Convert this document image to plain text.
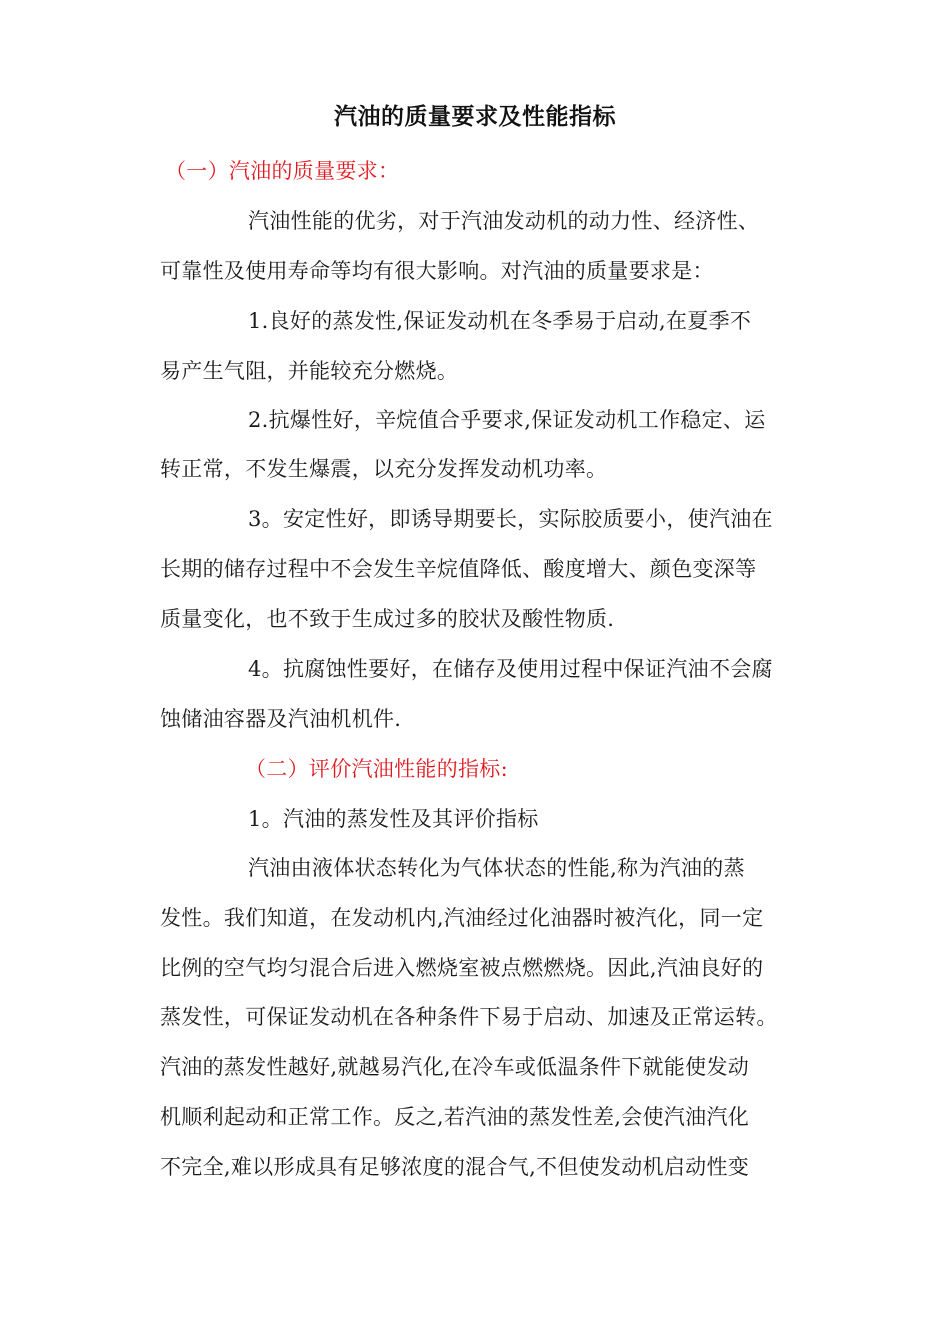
汽油的质量要求及性能指标
（一）汽油的质量要求：
汽油性能的优劣，对于汽油发动机的动力性、经济性、
可靠性及使用寿命等均有很大影响。对汽油的质量要求是：
1.良好的蒸发性,保证发动机在冬季易于启动,在夏季不
易产生气阻，并能较充分燃烧。
2.抗爆性好，辛烷值合乎要求,保证发动机工作稳定、运
转正常，不发生爆震，以充分发挥发动机功率。
3。安定性好，即诱导期要长，实际胶质要小，使汽油在
长期的储存过程中不会发生辛烷值降低、酸度增大、颜色变深等
质量变化，也不致于生成过多的胶状及酸性物质.
4。抗腐蚀性要好，在储存及使用过程中保证汽油不会腐
蚀储油容器及汽油机机件.
（二）评价汽油性能的指标:
1。汽油的蒸发性及其评价指标
汽油由液体状态转化为气体状态的性能,称为汽油的蒸
发性。我们知道，在发动机内,汽油经过化油器时被汽化，同一定
比例的空气均匀混合后进入燃烧室被点燃燃烧。因此,汽油良好的
蒸发性，可保证发动机在各种条件下易于启动、加速及正常运转。
汽油的蒸发性越好,就越易汽化,在冷车或低温条件下就能使发动
机顺利起动和正常工作。反之,若汽油的蒸发性差,会使汽油汽化
不完全,难以形成具有足够浓度的混合气,不但使发动机启动性变
